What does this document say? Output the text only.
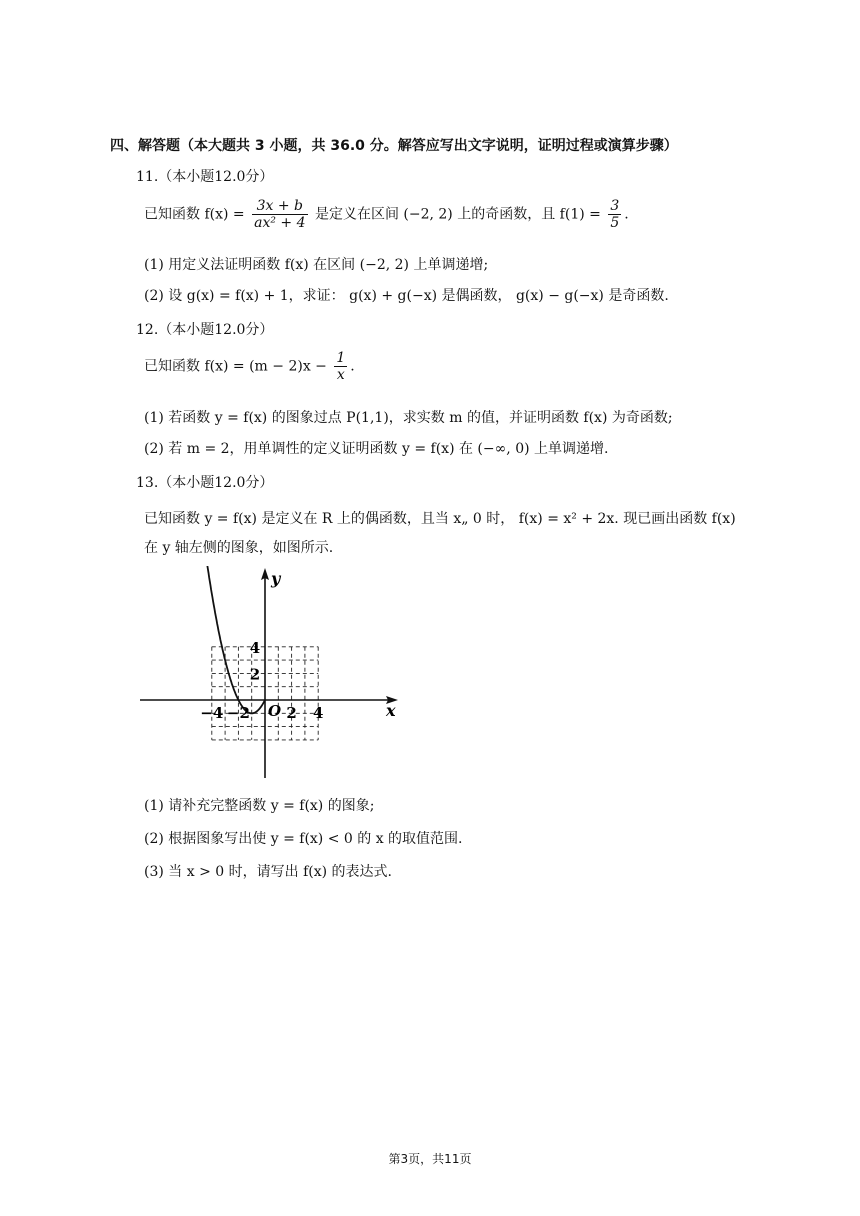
四、解答题（本大题共 3 小题，共 36.0 分。解答应写出文字说明，证明过程或演算步骤）
11.（本小题12.0分）
已知函数 $f(x) = \frac{3x + b}{\text{ax² + 4}}$ 是定义在区间 (−2, 2) 上的奇函数，且 $f(1) = \frac{3}{5}$ .
(1) 用定义法证明函数 f(x) 在区间 (−2, 2) 上单调递增;
(2) 设 g(x) = f(x) + 1，求证： g(x) + g(−x) 是偶函数， g(x) − g(−x) 是奇函数.
12.（本小题12.0分）
已知函数 $f(x) = (m - 2)x - \frac{1}{x}$ .
(1) 若函数 y = f(x) 的图象过点 P(1,1)，求实数 m 的值，并证明函数 f(x) 为奇函数;
(2) 若 m = 2，用单调性的定义证明函数 y = f(x) 在 (−∞, 0) 上单调递增.
13.（本小题12.0分）
已知函数 y = f(x) 是定义在 R 上的偶函数，且当 x„ 0 时， f(x) = x² + 2x. 现已画出函数 f(x)
在 y 轴左侧的图象，如图所示.
−4 −2 2 4
4
2
x
y
O
(1) 请补充完整函数 y = f(x) 的图象;
(2) 根据图象写出使 y = f(x) < 0 的 x 的取值范围.
(3) 当 x > 0 时，请写出 f(x) 的表达式.
第3页，共11页
